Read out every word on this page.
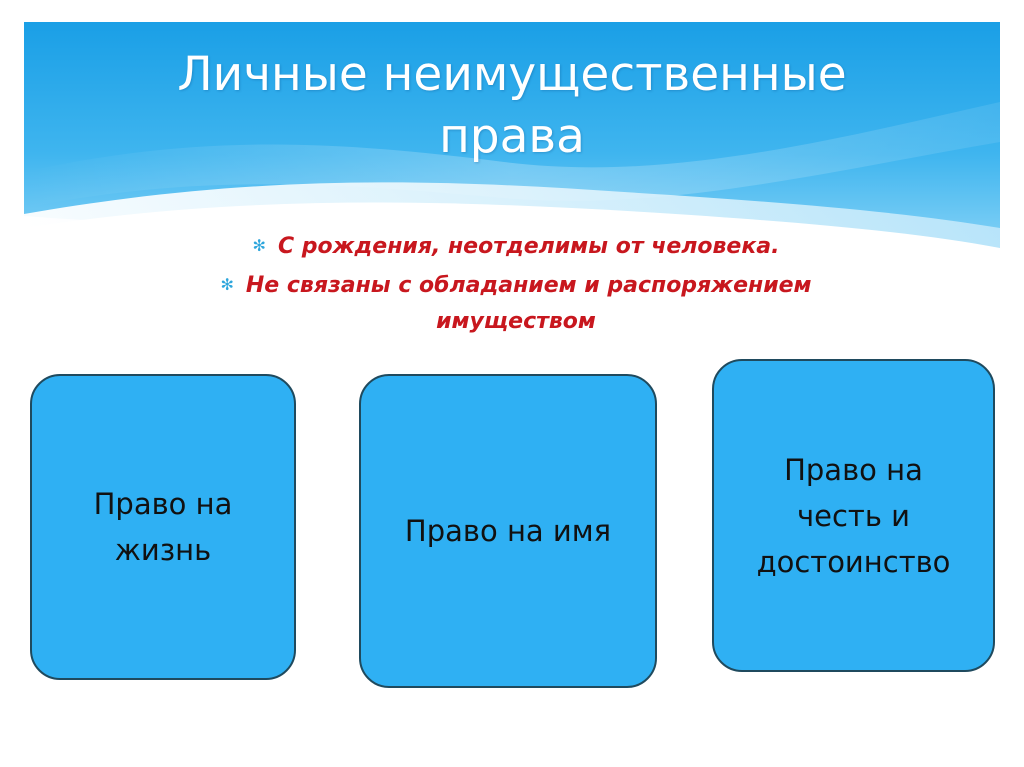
Личные неимущественные
права
✻ С рождения, неотделимы от человека.
✻ Не связаны с обладанием и распоряжением
имуществом
Право на
жизнь
Право на имя
Право на
честь и
достоинство
